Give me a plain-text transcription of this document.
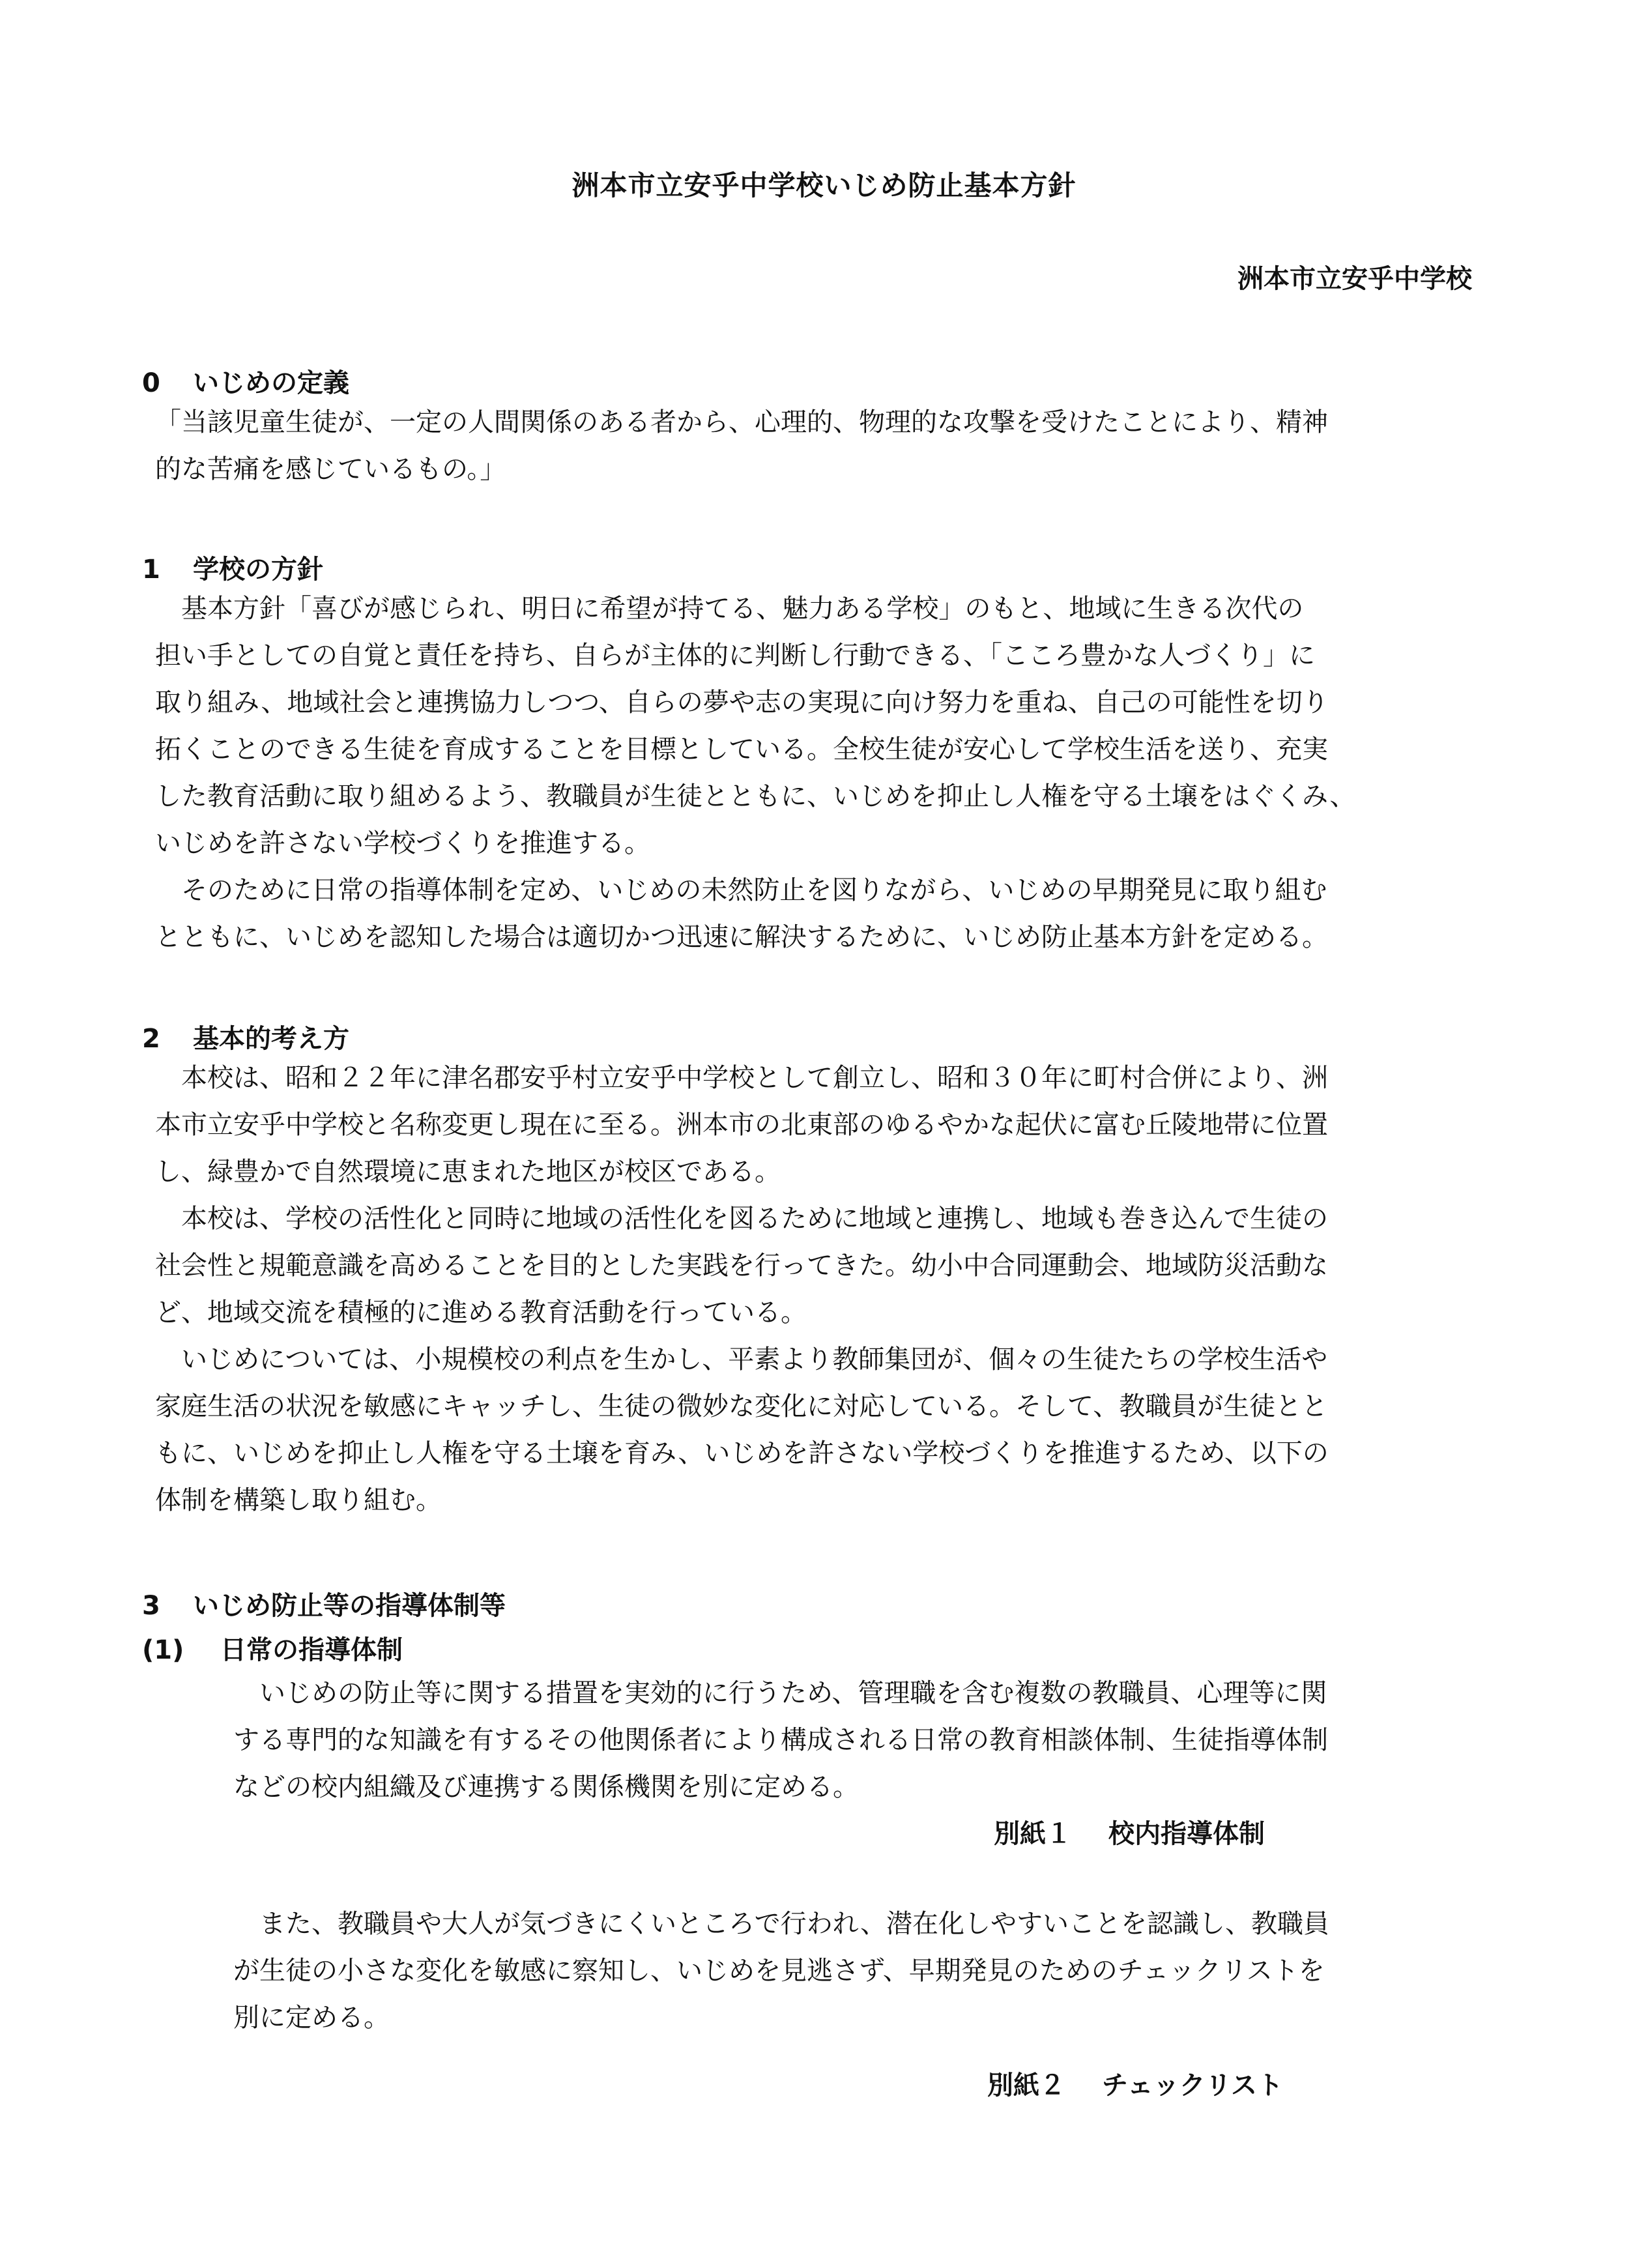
洲本市立安乎中学校いじめ防止基本方針

洲本市立安乎中学校

0 いじめの定義
「当該児童生徒が、一定の人間関係のある者から、心理的、物理的な攻撃を受けたことにより、精神
的な苦痛を感じているもの。」
1 学校の方針
　基本方針「喜びが感じられ、明日に希望が持てる、魅力ある学校」のもと、地域に生きる次代の
担い手としての自覚と責任を持ち、自らが主体的に判断し行動できる、「こころ豊かな人づくり」に
取り組み、地域社会と連携協力しつつ、自らの夢や志の実現に向け努力を重ね、自己の可能性を切り
拓くことのできる生徒を育成することを目標としている。全校生徒が安心して学校生活を送り、充実
した教育活動に取り組めるよう、教職員が生徒とともに、いじめを抑止し人権を守る土壌をはぐくみ、
いじめを許さない学校づくりを推進する。
　そのために日常の指導体制を定め、いじめの未然防止を図りながら、いじめの早期発見に取り組む
とともに、いじめを認知した場合は適切かつ迅速に解決するために、いじめ防止基本方針を定める。
2 基本的考え方
　本校は、昭和２２年に津名郡安乎村立安乎中学校として創立し、昭和３０年に町村合併により、洲
本市立安乎中学校と名称変更し現在に至る。洲本市の北東部のゆるやかな起伏に富む丘陵地帯に位置
し、緑豊かで自然環境に恵まれた地区が校区である。
　本校は、学校の活性化と同時に地域の活性化を図るために地域と連携し、地域も巻き込んで生徒の
社会性と規範意識を高めることを目的とした実践を行ってきた。幼小中合同運動会、地域防災活動な
ど、地域交流を積極的に進める教育活動を行っている。
　いじめについては、小規模校の利点を生かし、平素より教師集団が、個々の生徒たちの学校生活や
家庭生活の状況を敏感にキャッチし、生徒の微妙な変化に対応している。そして、教職員が生徒とと
もに、いじめを抑止し人権を守る土壌を育み、いじめを許さない学校づくりを推進するため、以下の
体制を構築し取り組む。
3 いじめ防止等の指導体制等
(1) 日常の指導体制
　いじめの防止等に関する措置を実効的に行うため、管理職を含む複数の教職員、心理等に関
する専門的な知識を有するその他関係者により構成される日常の教育相談体制、生徒指導体制
などの校内組織及び連携する関係機関を別に定める。

別紙１ 校内指導体制

　また、教職員や大人が気づきにくいところで行われ、潜在化しやすいことを認識し、教職員
が生徒の小さな変化を敏感に察知し、いじめを見逃さず、早期発見のためのチェックリストを
別に定める。

別紙２ チェックリスト
